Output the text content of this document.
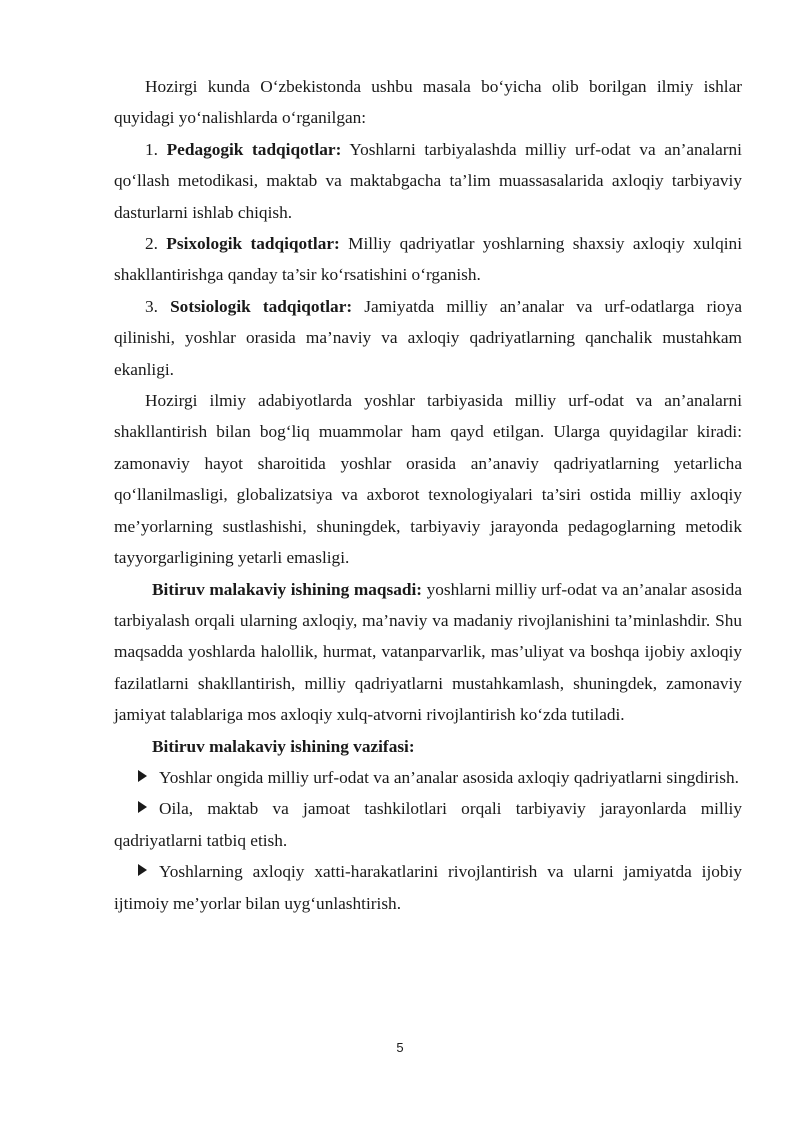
Hozirgi kunda O‘zbekistonda ushbu masala bo‘yicha olib borilgan ilmiy ishlar quyidagi yo‘nalishlarda o‘rganilgan:

1. Pedagogik tadqiqotlar: Yoshlarni tarbiyalashda milliy urf-odat va an’analarni qo‘llash metodikasi, maktab va maktabgacha ta’lim muassasalarida axloqiy tarbiyaviy dasturlarni ishlab chiqish.

2. Psixologik tadqiqotlar: Milliy qadriyatlar yoshlarning shaxsiy axloqiy xulqini shakllantirishga qanday ta’sir ko‘rsatishini o‘rganish.

3. Sotsiologik tadqiqotlar: Jamiyatda milliy an’analar va urf-odatlarga rioya qilinishi, yoshlar orasida ma’naviy va axloqiy qadriyatlarning qanchalik mustahkam ekanligi.

Hozirgi ilmiy adabiyotlarda yoshlar tarbiyasida milliy urf-odat va an’analarni shakllantirish bilan bog‘liq muammolar ham qayd etilgan. Ularga quyidagilar kiradi: zamonaviy hayot sharoitida yoshlar orasida an’anaviy qadriyatlarning yetarlicha qo‘llanilmasligi, globalizatsiya va axborot texnologiyalari ta’siri ostida milliy axloqiy me’yorlarning sustlashishi, shuningdek, tarbiyaviy jarayonda pedagoglarning metodik tayyorgarligining yetarli emasligi.

Bitiruv malakaviy ishining maqsadi: yoshlarni milliy urf-odat va an’analar asosida tarbiyalash orqali ularning axloqiy, ma’naviy va madaniy rivojlanishini ta’minlashdir. Shu maqsadda yoshlarda halollik, hurmat, vatanparvarlik, mas’uliyat va boshqa ijobiy axloqiy fazilatlarni shakllantirish, milliy qadriyatlarni mustahkamlash, shuningdek, zamonaviy jamiyat talablariga mos axloqiy xulq-atvorni rivojlantirish ko‘zda tutiladi.

Bitiruv malakaviy ishining vazifasi:

Yoshlar ongida milliy urf-odat va an’analar asosida axloqiy qadriyatlarni singdirish.

Oila, maktab va jamoat tashkilotlari orqali tarbiyaviy jarayonlarda milliy qadriyatlarni tatbiq etish.

Yoshlarning axloqiy xatti-harakatlarini rivojlantirish va ularni jamiyatda ijobiy ijtimoiy me’yorlar bilan uyg‘unlashtirish.

5
